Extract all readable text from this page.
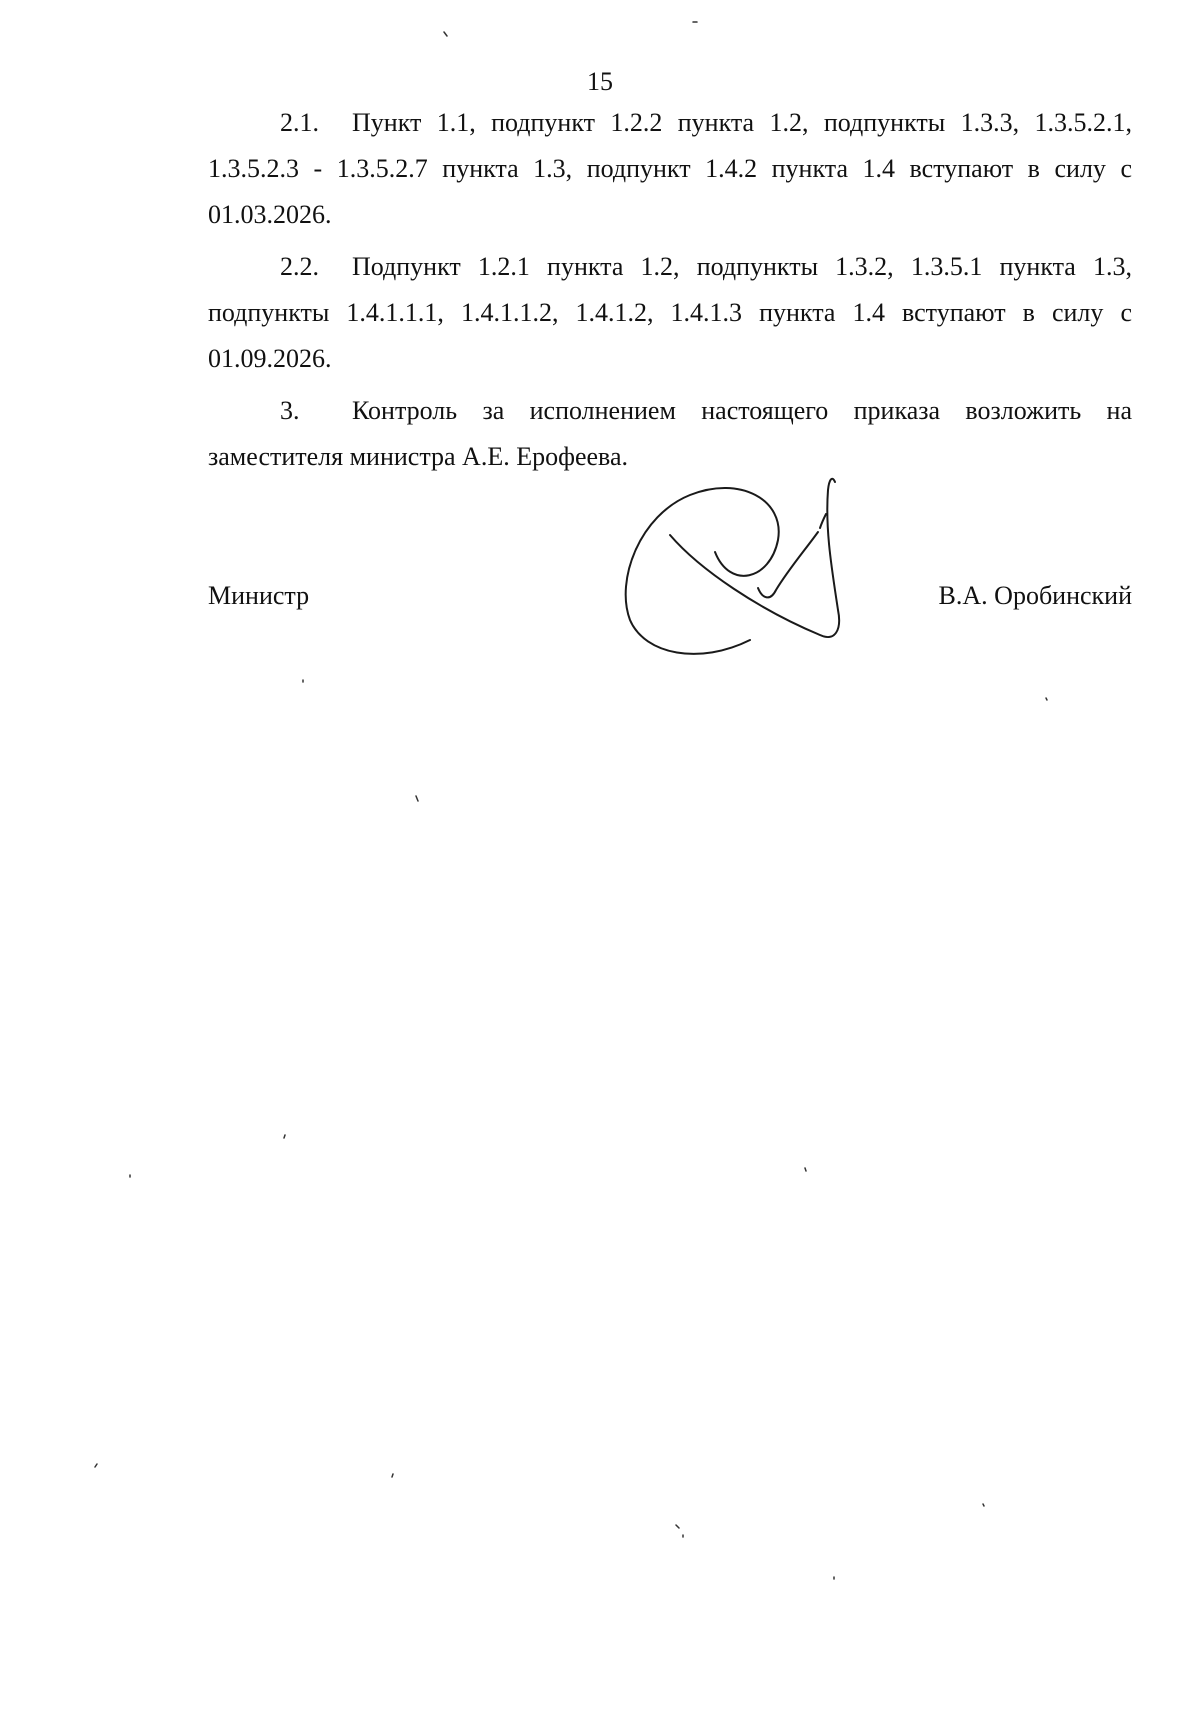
15

2.1. Пункт 1.1, подпункт 1.2.2 пункта 1.2, подпункты 1.3.3, 1.3.5.2.1, 1.3.5.2.3 - 1.3.5.2.7 пункта 1.3, подпункт 1.4.2 пункта 1.4 вступают в силу с 01.03.2026.

2.2. Подпункт 1.2.1 пункта 1.2, подпункты 1.3.2, 1.3.5.1 пункта 1.3, подпункты 1.4.1.1.1, 1.4.1.1.2, 1.4.1.2, 1.4.1.3 пункта 1.4 вступают в силу с 01.09.2026.

3. Контроль за исполнением настоящего приказа возложить на заместителя министра А.Е. Ерофеева.

Министр	В.А. Оробинский
